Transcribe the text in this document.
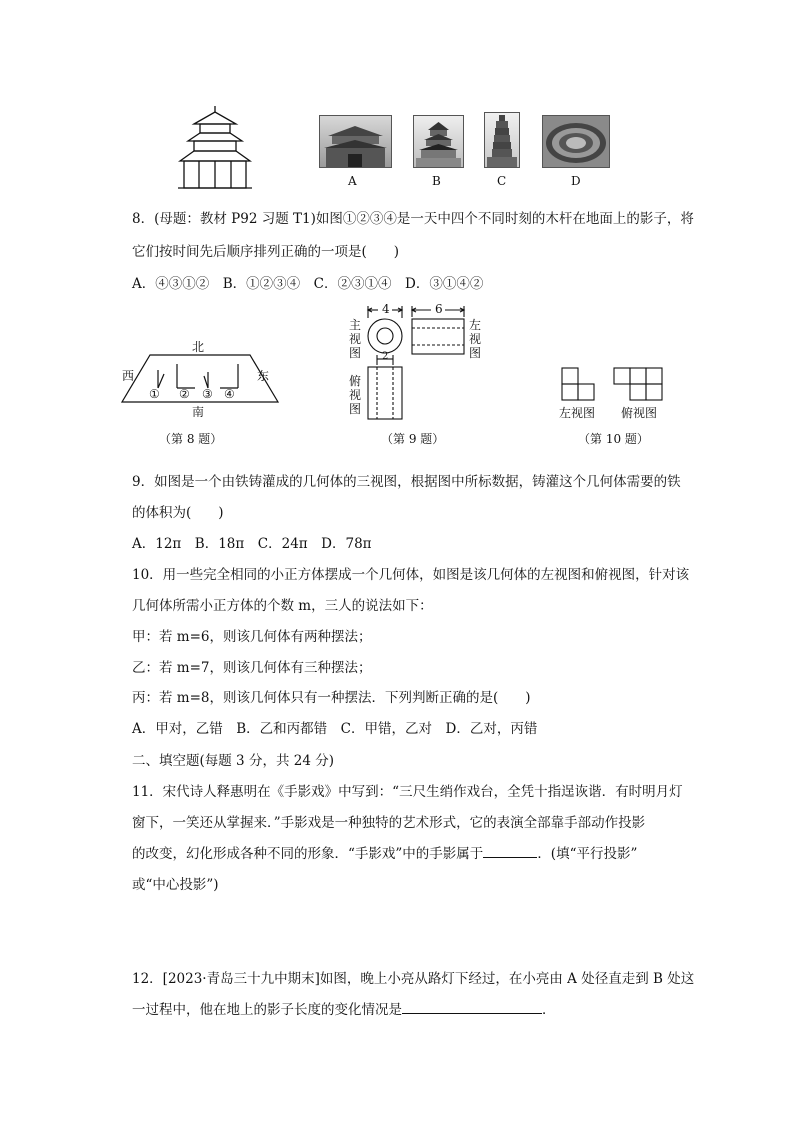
A	B	C	D
8．(母题：教材 P92 习题 T1)如图①②③④是一天中四个不同时刻的木杆在地面上的影子，将
它们按时间先后顺序排列正确的一项是(　　)
A．④③①②　B．①②③④　C．②③①④　D．③①④②
北
西	东
① ② ③ ④
南
（第 8 题）
4	6
2
主
视
图
左
视
图
俯
视
图
（第 9 题）
左视图 俯视图
（第 10 题）
9．如图是一个由铁铸灌成的几何体的三视图，根据图中所标数据，铸灌这个几何体需要的铁
的体积为(　　)
A．12π　B．18π　C．24π　D．78π
10．用一些完全相同的小正方体摆成一个几何体，如图是该几何体的左视图和俯视图，针对该
几何体所需小正方体的个数 m，三人的说法如下：
甲：若 m=6，则该几何体有两种摆法；
乙：若 m=7，则该几何体有三种摆法；
丙：若 m=8，则该几何体只有一种摆法．下列判断正确的是(　　)
A．甲对，乙错　B．乙和丙都错　C．甲错，乙对　D．乙对，丙错
二、填空题(每题 3 分，共 24 分)
11．宋代诗人释惠明在《手影戏》中写到：“三尺生绡作戏台，全凭十指逞诙谐．有时明月灯
窗下，一笑还从掌握来．”手影戏是一种独特的艺术形式，它的表演全部靠手部动作投影
的改变，幻化形成各种不同的形象．“手影戏”中的手影属于	．(填“平行投影”
或“中心投影”)
12．[2023·青岛三十九中期末]如图，晚上小亮从路灯下经过，在小亮由 A 处径直走到 B 处这
一过程中，他在地上的影子长度的变化情况是	．
